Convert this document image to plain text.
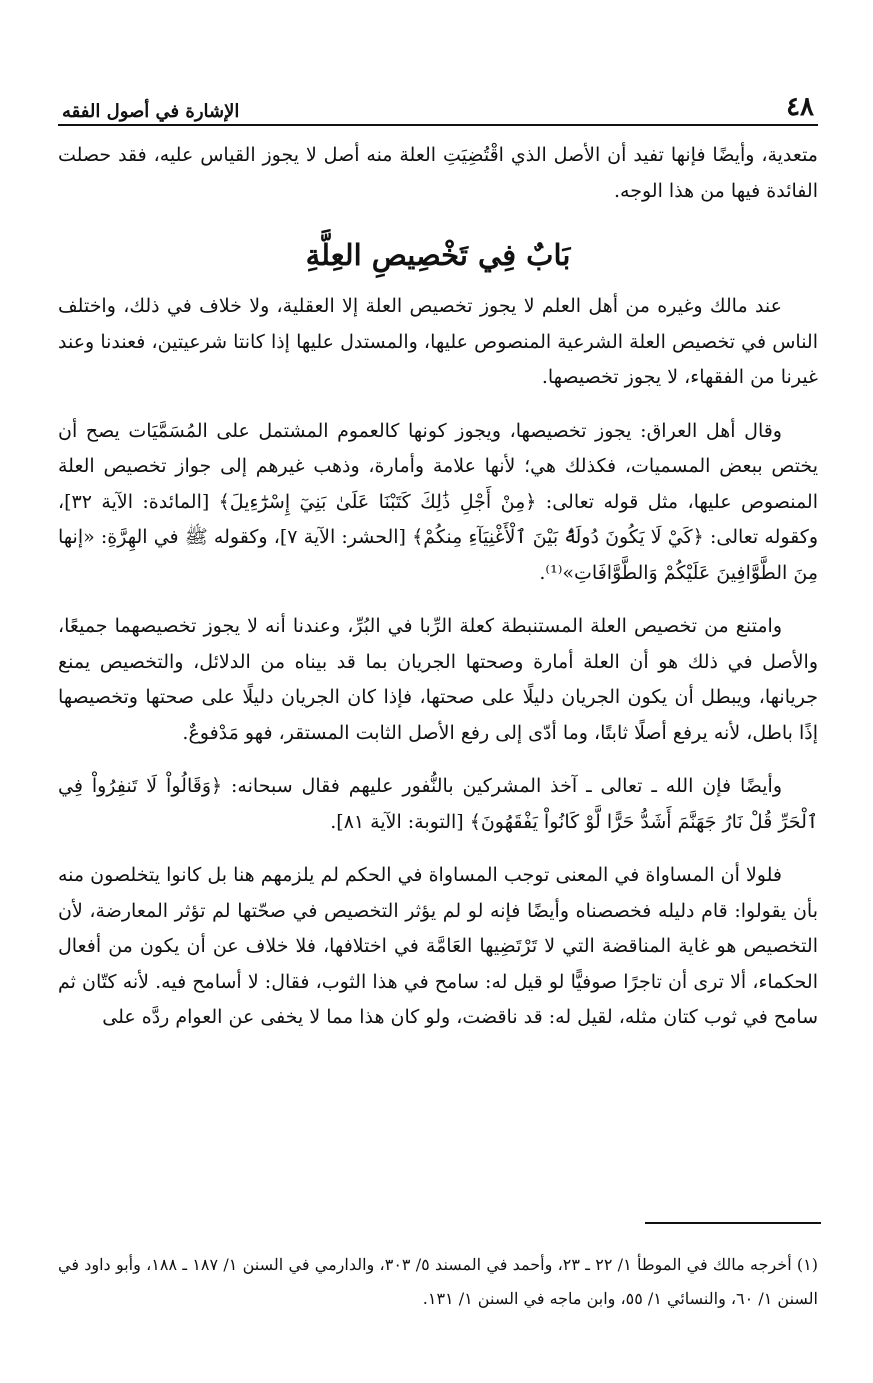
٤٨
الإشارة في أصول الفقه

متعدية، وأيضًا فإنها تفيد أن الأصل الذي اقْتُضِيَتِ العلة منه أصل لا يجوز القياس عليه، فقد حصلت الفائدة فيها من هذا الوجه.

بَابٌ فِي تَخْصِيصِ العِلَّةِ

عند مالك وغيره من أهل العلم لا يجوز تخصيص العلة إلا العقلية، ولا خلاف في ذلك، واختلف الناس في تخصيص العلة الشرعية المنصوص عليها، والمستدل عليها إذا كانتا شرعيتين، فعندنا وعند غيرنا من الفقهاء، لا يجوز تخصيصها.

وقال أهل العراق: يجوز تخصيصها، ويجوز كونها كالعموم المشتمل على المُسَمَّيَات يصح أن يختص ببعض المسميات، فكذلك هي؛ لأنها علامة وأمارة، وذهب غيرهم إلى جواز تخصيص العلة المنصوص عليها، مثل قوله تعالى: ﴿مِنْ أَجْلِ ذَٰلِكَ كَتَبْنَا عَلَىٰ بَنِيٓ إِسْرَٰٓءِيلَ﴾ [المائدة: الآية ٣٢]، وكقوله تعالى: ﴿كَيْ لَا يَكُونَ دُولَةًۢ بَيْنَ ٱلْأَغْنِيَآءِ مِنكُمْ﴾ [الحشر: الآية ٧]، وكقوله ﷺ في الهِرَّةِ: «إنها مِنَ الطَّوَّافِينَ عَلَيْكُمْ وَالطَّوَّافَاتِ»⁽¹⁾.

وامتنع من تخصيص العلة المستنبطة كعلة الرِّبا في البُرِّ، وعندنا أنه لا يجوز تخصيصهما جميعًا، والأصل في ذلك هو أن العلة أمارة وصحتها الجريان بما قد بيناه من الدلائل، والتخصيص يمنع جريانها، ويبطل أن يكون الجريان دليلًا على صحتها، فإذا كان الجريان دليلًا على صحتها وتخصيصها إذًا باطل، لأنه يرفع أصلًا ثابتًا، وما أدّى إلى رفع الأصل الثابت المستقر، فهو مَدْفوعٌ.

وأيضًا فإن الله ـ تعالى ـ آخذ المشركين بالنُّفور عليهم فقال سبحانه: ﴿وَقَالُواْ لَا تَنفِرُواْ فِي ٱلْحَرِّ قُلْ نَارُ جَهَنَّمَ أَشَدُّ حَرًّا لَّوْ كَانُواْ يَفْقَهُونَ﴾ [التوبة: الآية ٨١].

فلولا أن المساواة في المعنى توجب المساواة في الحكم لم يلزمهم هنا بل كانوا يتخلصون منه بأن يقولوا: قام دليله فخصصناه وأيضًا فإنه لو لم يؤثر التخصيص في صحّتها لم تؤثر المعارضة، لأن التخصيص هو غاية المناقضة التي لا تَرْتَضِيها العَامَّة في اختلافها، فلا خلاف عن أن يكون من أفعال الحكماء، ألا ترى أن تاجرًا صوفيًّا لو قيل له: سامح في هذا الثوب، فقال: لا أسامح فيه. لأنه كتّان ثم سامح في ثوب كتان مثله، لقيل له: قد ناقضت، ولو كان هذا مما لا يخفى عن العوام ردَّه على

(١) أخرجه مالك في الموطأ ١/ ٢٢ ـ ٢٣، وأحمد في المسند ٥/ ٣٠٣، والدارمي في السنن ١/ ١٨٧ ـ ١٨٨، وأبو داود في السنن ١/ ٦٠، والنسائي ١/ ٥٥، وابن ماجه في السنن ١/ ١٣١.
